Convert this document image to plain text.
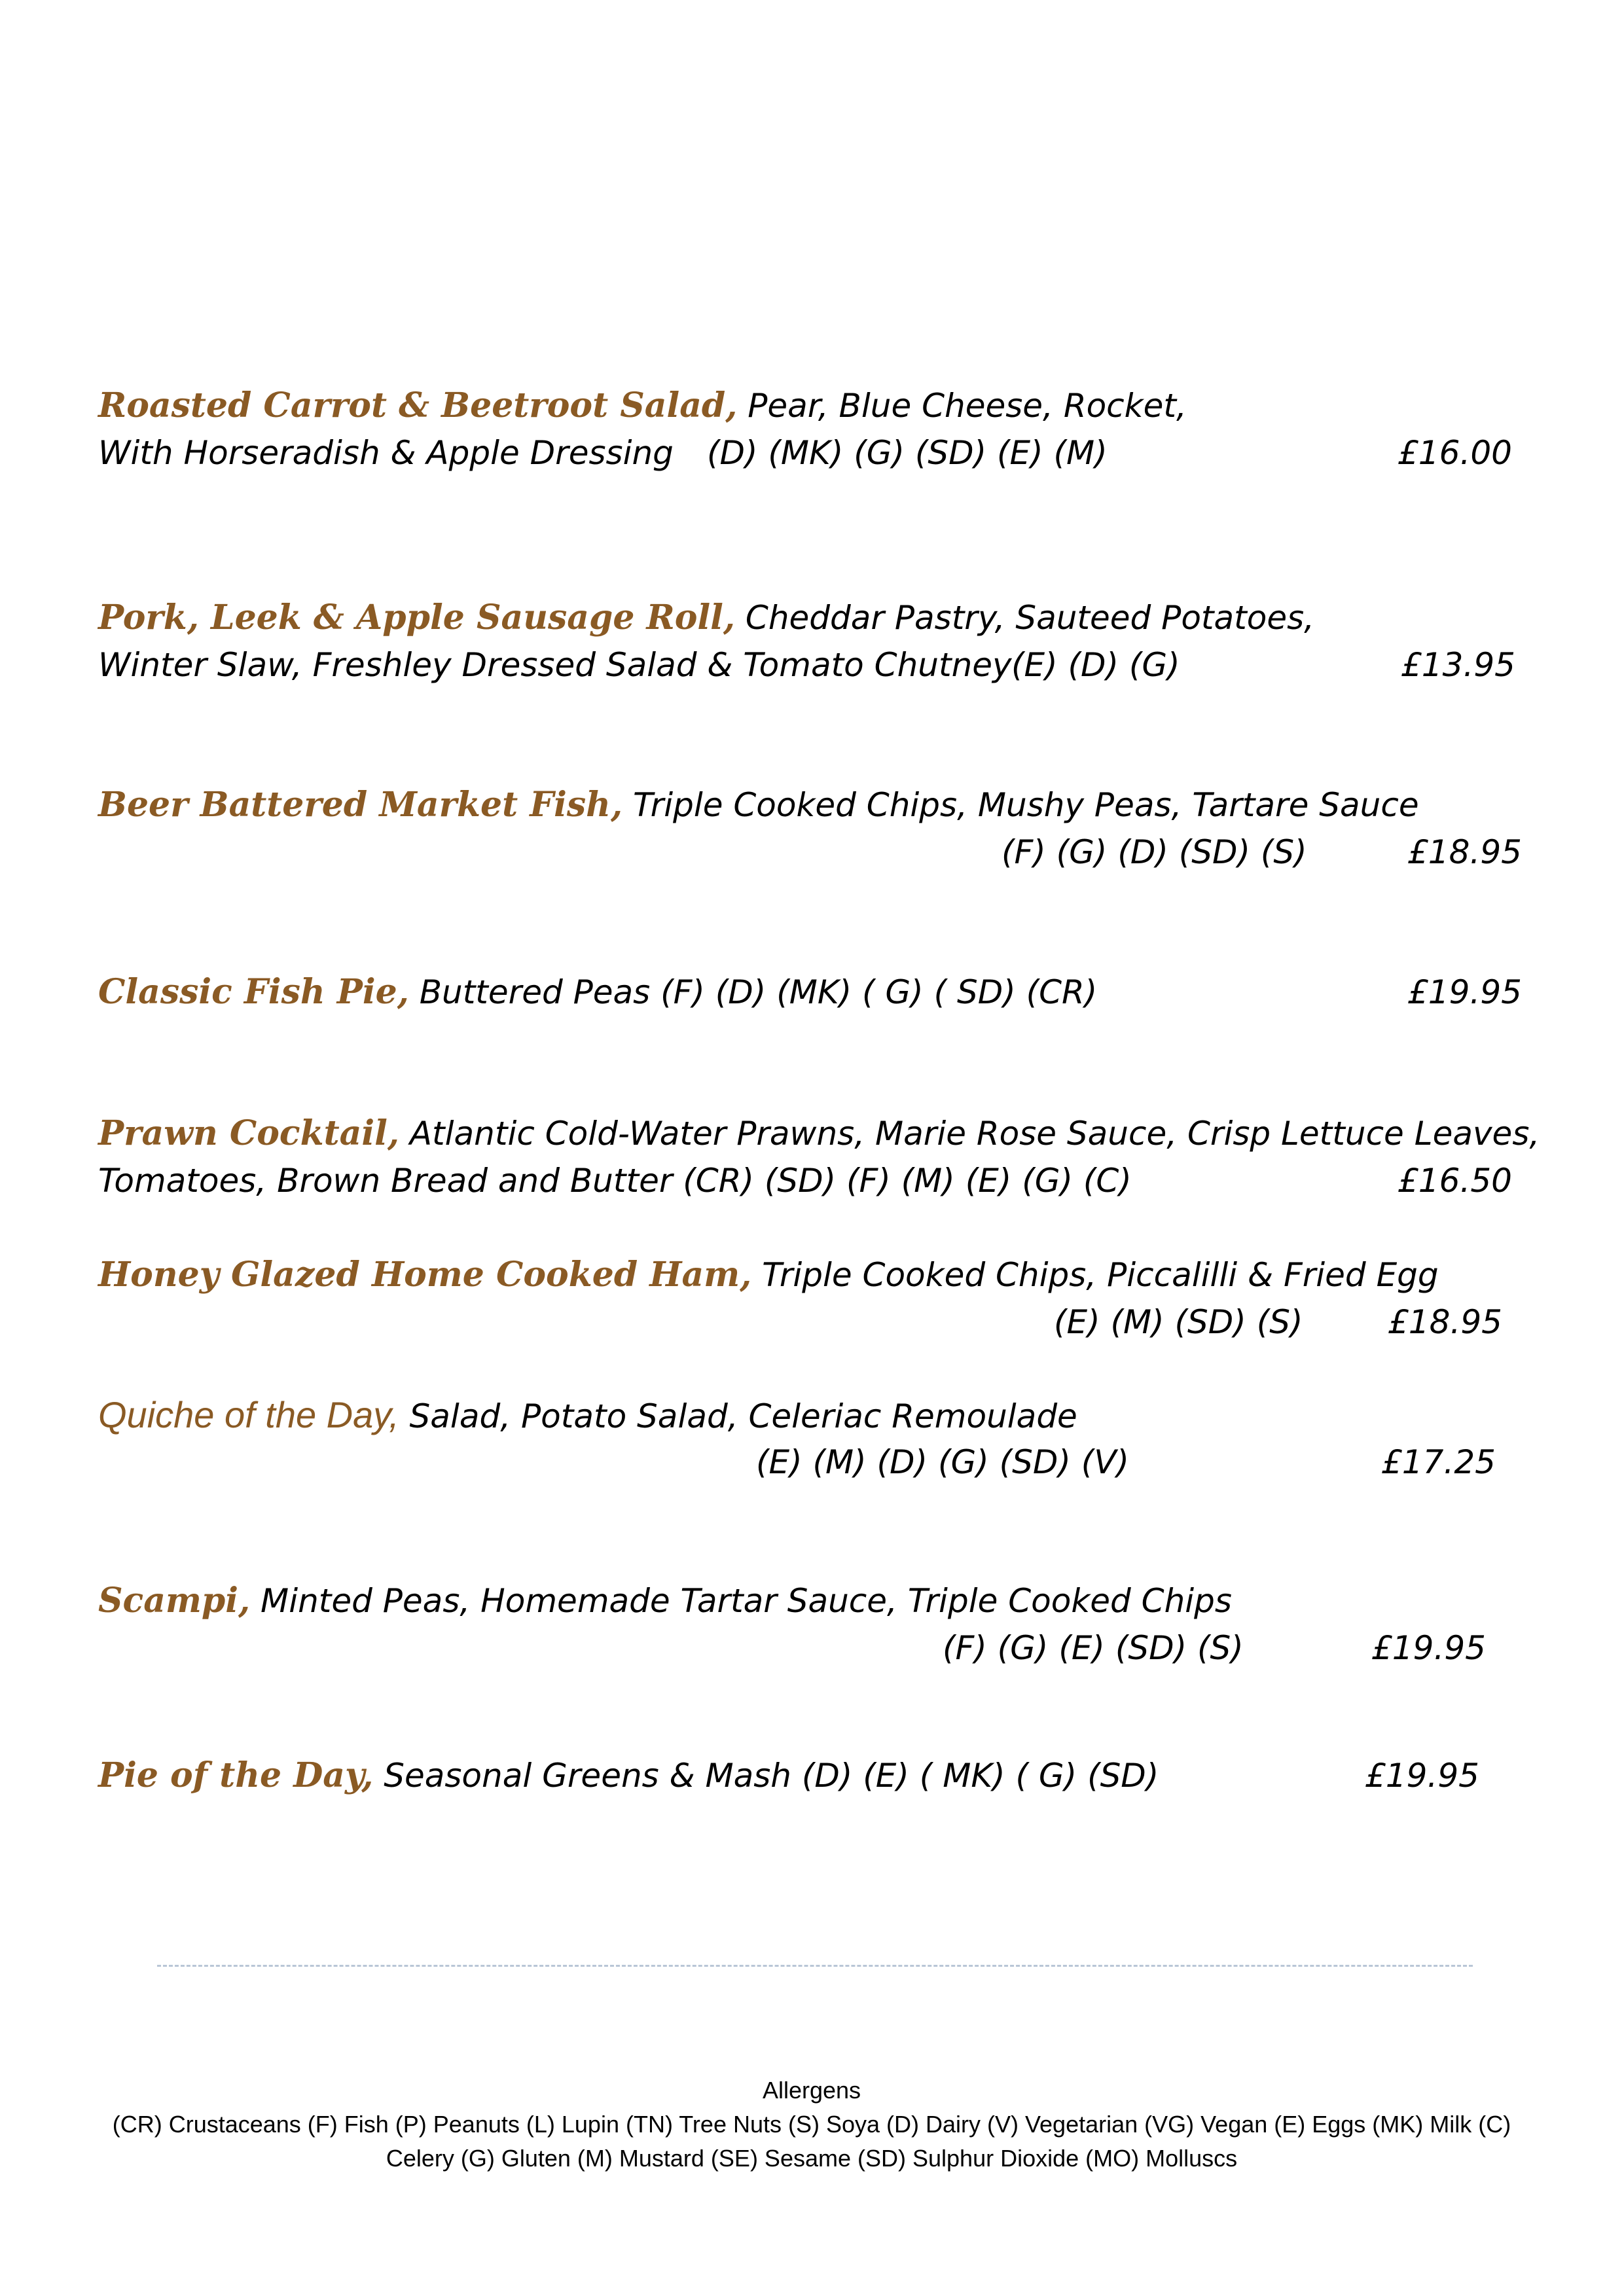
Roasted Carrot & Beetroot Salad, Pear, Blue Cheese, Rocket,
With Horseradish & Apple Dressing (D) (MK) (G) (SD) (E) (M)	£16.00
Pork, Leek & Apple Sausage Roll, Cheddar Pastry, Sauteed Potatoes,
Winter Slaw, Freshley Dressed Salad & Tomato Chutney (E) (D) (G)	£13.95
Beer Battered Market Fish, Triple Cooked Chips, Mushy Peas, Tartare Sauce
(F) (G) (D) (SD) (S)	£18.95
Classic Fish Pie, Buttered Peas (F) (D) (MK) ( G) ( SD) (CR)	£19.95
Prawn Cocktail, Atlantic Cold-Water Prawns, Marie Rose Sauce, Crisp Lettuce Leaves,
Tomatoes, Brown Bread and Butter (CR) (SD) (F) (M) (E) (G) (C)	£16.50
Honey Glazed Home Cooked Ham, Triple Cooked Chips, Piccalilli & Fried Egg
(E) (M) (SD) (S)	£18.95
Quiche of the Day, Salad, Potato Salad, Celeriac Remoulade
(E) (M) (D) (G) (SD) (V)	£17.25
Scampi, Minted Peas, Homemade Tartar Sauce, Triple Cooked Chips
(F) (G) (E) (SD) (S)	£19.95
Pie of the Day, Seasonal Greens & Mash (D) (E) ( MK) ( G) (SD)	£19.95
Allergens
(CR) Crustaceans (F) Fish (P) Peanuts (L) Lupin (TN) Tree Nuts (S) Soya (D) Dairy (V) Vegetarian (VG) Vegan (E) Eggs (MK) Milk (C)
Celery (G) Gluten (M) Mustard (SE) Sesame (SD) Sulphur Dioxide (MO) Molluscs
